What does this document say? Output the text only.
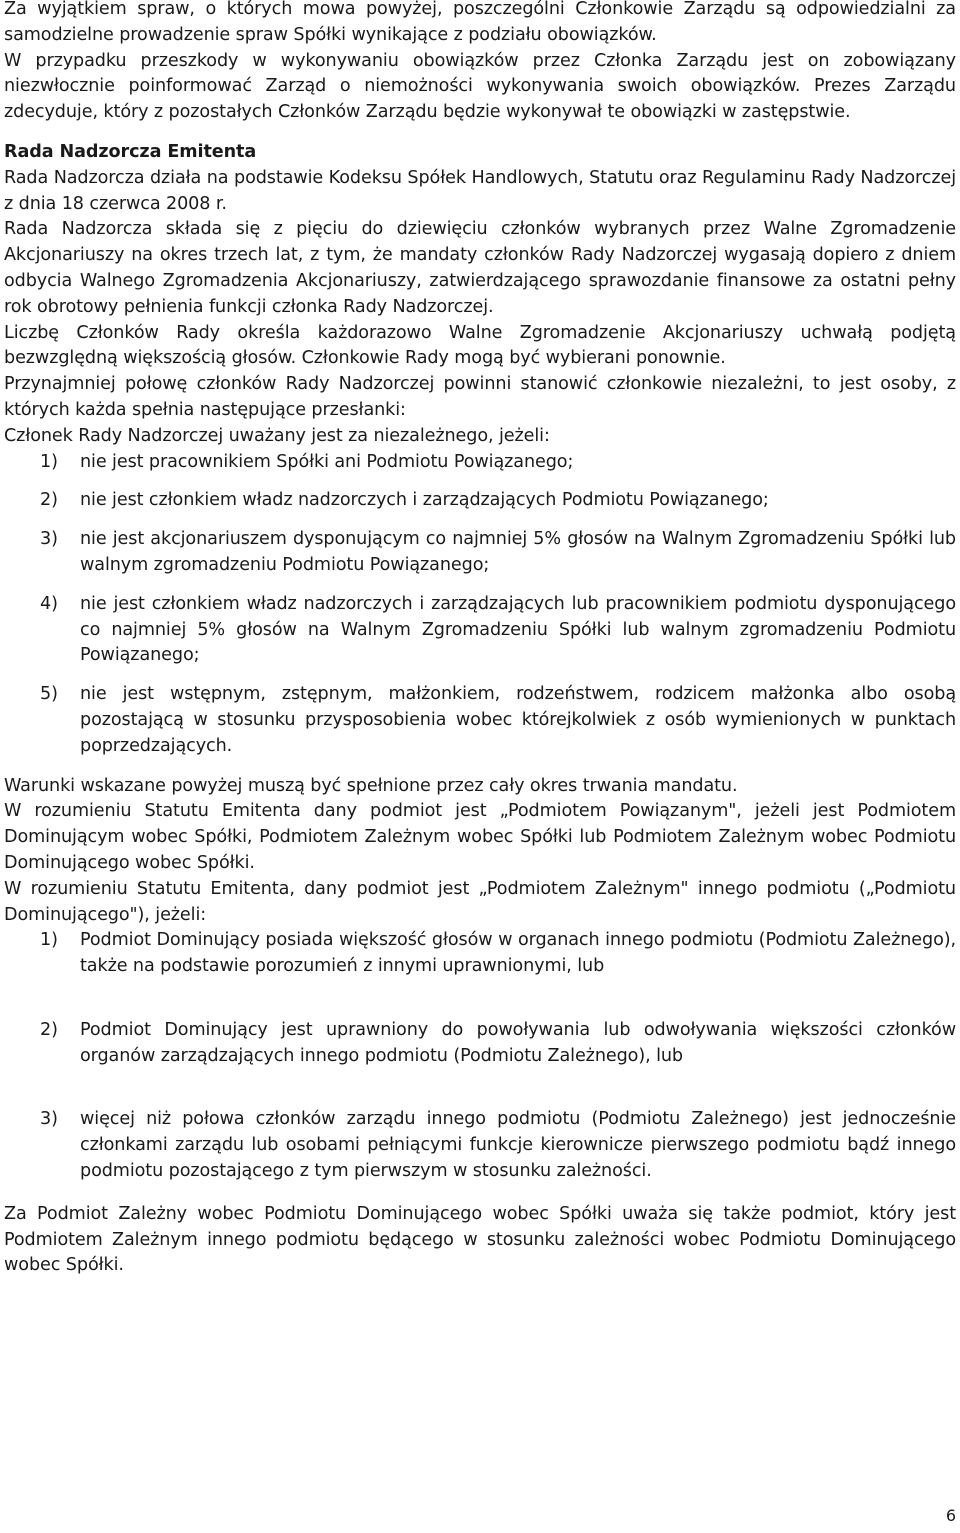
Za wyjątkiem spraw, o których mowa powyżej, poszczególni Członkowie Zarządu są odpowiedzialni za samodzielne prowadzenie spraw Spółki wynikające z podziału obowiązków.

W przypadku przeszkody w wykonywaniu obowiązków przez Członka Zarządu jest on zobowiązany niezwłocznie poinformować Zarząd o niemożności wykonywania swoich obowiązków. Prezes Zarządu zdecyduje, który z pozostałych Członków Zarządu będzie wykonywał te obowiązki w zastępstwie.

Rada Nadzorcza Emitenta

Rada Nadzorcza działa na podstawie Kodeksu Spółek Handlowych, Statutu oraz Regulaminu Rady Nadzorczej z dnia 18 czerwca 2008 r.

Rada Nadzorcza składa się z pięciu do dziewięciu członków wybranych przez Walne Zgromadzenie Akcjonariuszy na okres trzech lat, z tym, że mandaty członków Rady Nadzorczej wygasają dopiero z dniem odbycia Walnego Zgromadzenia Akcjonariuszy, zatwierdzającego sprawozdanie finansowe za ostatni pełny rok obrotowy pełnienia funkcji członka Rady Nadzorczej.

Liczbę Członków Rady określa każdorazowo Walne Zgromadzenie Akcjonariuszy uchwałą podjętą bezwzględną większością głosów. Członkowie Rady mogą być wybierani ponownie.

Przynajmniej połowę członków Rady Nadzorczej powinni stanowić członkowie niezależni, to jest osoby, z których każda spełnia następujące przesłanki:

Członek Rady Nadzorczej uważany jest za niezależnego, jeżeli:

1) nie jest pracownikiem Spółki ani Podmiotu Powiązanego;
2) nie jest członkiem władz nadzorczych i zarządzających Podmiotu Powiązanego;
3) nie jest akcjonariuszem dysponującym co najmniej 5% głosów na Walnym Zgromadzeniu Spółki lub walnym zgromadzeniu Podmiotu Powiązanego;
4) nie jest członkiem władz nadzorczych i zarządzających lub pracownikiem podmiotu dysponującego co najmniej 5% głosów na Walnym Zgromadzeniu Spółki lub walnym zgromadzeniu Podmiotu Powiązanego;
5) nie jest wstępnym, zstępnym, małżonkiem, rodzeństwem, rodzicem małżonka albo osobą pozostającą w stosunku przysposobienia wobec którejkolwiek z osób wymienionych w punktach poprzedzających.

Warunki wskazane powyżej muszą być spełnione przez cały okres trwania mandatu.

W rozumieniu Statutu Emitenta dany podmiot jest „Podmiotem Powiązanym", jeżeli jest Podmiotem Dominującym wobec Spółki, Podmiotem Zależnym wobec Spółki lub Podmiotem Zależnym wobec Podmiotu Dominującego wobec Spółki.

W rozumieniu Statutu Emitenta, dany podmiot jest „Podmiotem Zależnym" innego podmiotu („Podmiotu Dominującego"), jeżeli:

1) Podmiot Dominujący posiada większość głosów w organach innego podmiotu (Podmiotu Zależnego), także na podstawie porozumień z innymi uprawnionymi, lub
2) Podmiot Dominujący jest uprawniony do powoływania lub odwoływania większości członków organów zarządzających innego podmiotu (Podmiotu Zależnego), lub
3) więcej niż połowa członków zarządu innego podmiotu (Podmiotu Zależnego) jest jednocześnie członkami zarządu lub osobami pełniącymi funkcje kierownicze pierwszego podmiotu bądź innego podmiotu pozostającego z tym pierwszym w stosunku zależności.

Za Podmiot Zależny wobec Podmiotu Dominującego wobec Spółki uważa się także podmiot, który jest Podmiotem Zależnym innego podmiotu będącego w stosunku zależności wobec Podmiotu Dominującego wobec Spółki.

6
